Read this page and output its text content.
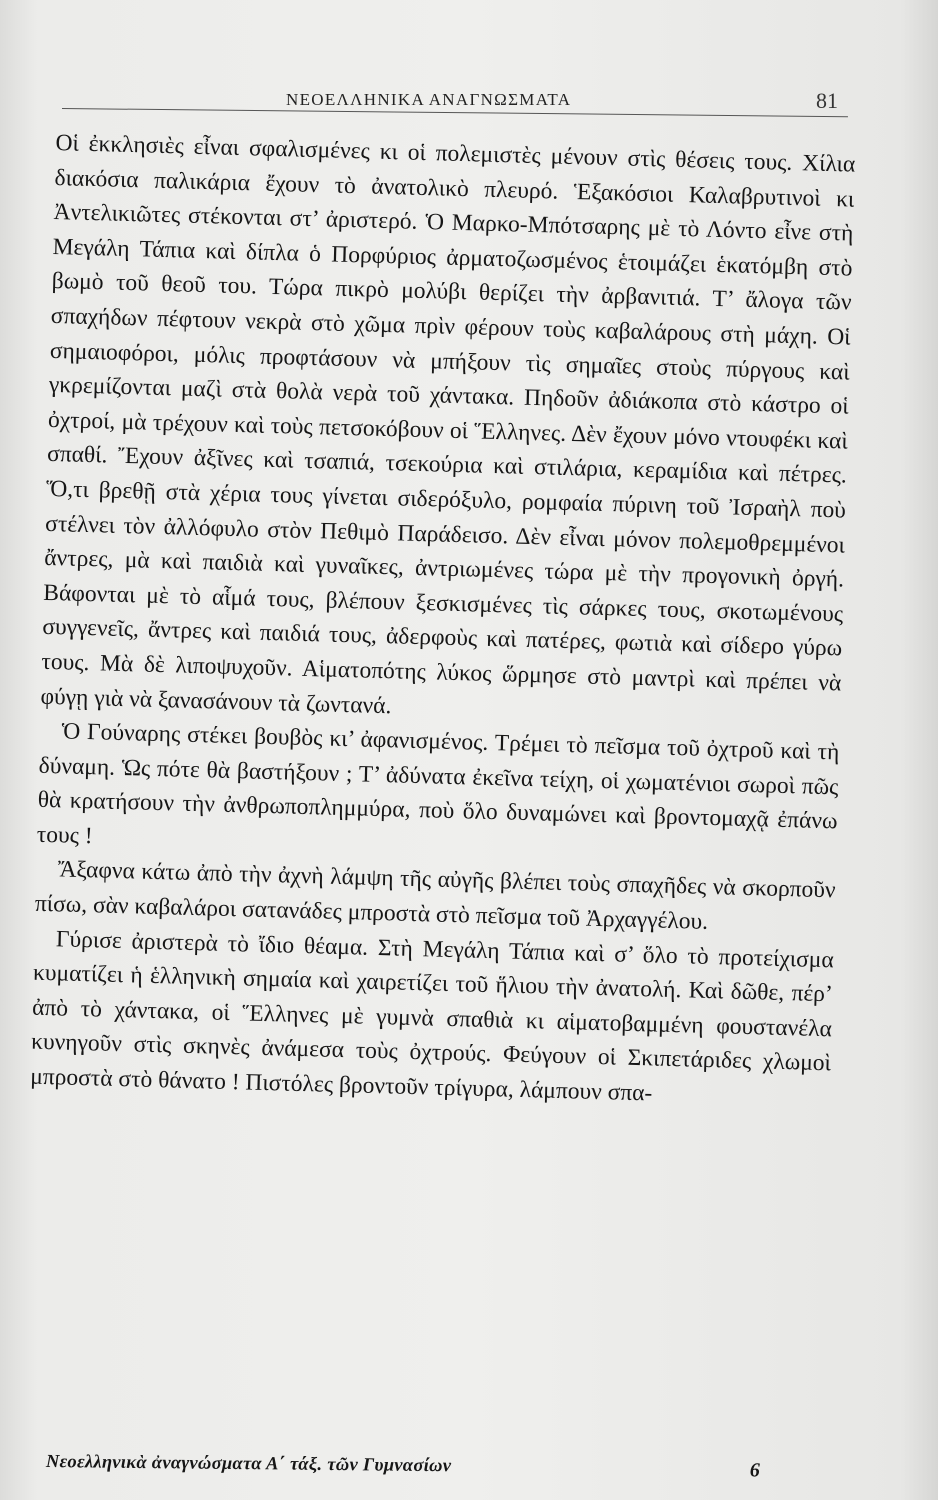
ΝΕΟΕΛΛΗΝΙΚΑ ΑΝΑΓΝΩΣΜΑΤΑ	81

Οἱ ἐκκλησιὲς εἶναι σφαλισμένες κι οἱ πολεμιστὲς μένουν στὶς θέσεις τους. Χίλια διακόσια παλικάρια ἔχουν τὸ ἀνατολικὸ πλευρό. Ἑξακόσιοι Καλαβρυτινοὶ κι Ἀντελικιῶτες στέκονται στ’ ἀριστερό. Ὁ Μαρκο-Μπότσαρης μὲ τὸ Λόντο εἶνε στὴ Μεγάλη Τάπια καὶ δίπλα ὁ Πορφύριος ἀρματοζωσμένος ἑτοιμάζει ἑκατόμβη στὸ βωμὸ τοῦ θεοῦ του. Τώρα πικρὸ μολύβι θερίζει τὴν ἀρβανιτιά. Τ’ ἄλογα τῶν σπαχήδων πέφτουν νεκρὰ στὸ χῶμα πρὶν φέρουν τοὺς καβαλάρους στὴ μάχη. Οἱ σημαιοφόροι, μόλις προφτάσουν νὰ μπήξουν τὶς σημαῖες στοὺς πύργους καὶ γκρεμίζονται μαζὶ στὰ θολὰ νερὰ τοῦ χάντακα. Πηδοῦν ἀδιάκοπα στὸ κάστρο οἱ ὀχτροί, μὰ τρέχουν καὶ τοὺς πετσοκόβουν οἱ Ἕλληνες. Δὲν ἔχουν μόνο ντουφέκι καὶ σπαθί. Ἔχουν ἀξῖνες καὶ τσαπιά, τσεκούρια καὶ στιλάρια, κεραμίδια καὶ πέτρες. Ὅ,τι βρεθῇ στὰ χέρια τους γίνεται σιδερόξυλο, ρομφαία πύρινη τοῦ Ἰσραὴλ ποὺ στέλνει τὸν ἀλλόφυλο στὸν Πεθιμὸ Παράδεισο. Δὲν εἶναι μόνον πολεμοθρεμμένοι ἄντρες, μὰ καὶ παιδιὰ καὶ γυναῖκες, ἀντριωμένες τώρα μὲ τὴν προγονικὴ ὀργή. Βάφονται μὲ τὸ αἷμά τους, βλέπουν ξεσκισμένες τὶς σάρκες τους, σκοτωμένους συγγενεῖς, ἄντρες καὶ παιδιά τους, ἀδερφοὺς καὶ πατέρες, φωτιὰ καὶ σίδερο γύρω τους. Μὰ δὲ λιποψυχοῦν. Αἱματοπότης λύκος ὥρμησε στὸ μαντρὶ καὶ πρέπει νὰ φύγῃ γιὰ νὰ ξανασάνουν τὰ ζωντανά.

Ὁ Γούναρης στέκει βουβὸς κι’ ἀφανισμένος. Τρέμει τὸ πεῖσμα τοῦ ὀχτροῦ καὶ τὴ δύναμη. Ὡς πότε θὰ βαστήξουν ; Τ’ ἀδύνατα ἐκεῖνα τείχη, οἱ χωματένιοι σωροὶ πῶς θὰ κρατήσουν τὴν ἀνθρωποπλημμύρα, ποὺ ὅλο δυναμώνει καὶ βροντομαχᾷ ἐπάνω τους !

Ἄξαφνα κάτω ἀπὸ τὴν ἀχνὴ λάμψη τῆς αὐγῆς βλέπει τοὺς σπαχῆδες νὰ σκορποῦν πίσω, σὰν καβαλάροι σατανάδες μπροστὰ στὸ πεῖσμα τοῦ Ἀρχαγγέλου.

Γύρισε ἀριστερὰ τὸ ἴδιο θέαμα. Στὴ Μεγάλη Τάπια καὶ σ’ ὅλο τὸ προτείχισμα κυματίζει ἡ ἑλληνικὴ σημαία καὶ χαιρετίζει τοῦ ἥλιου τὴν ἀνατολή. Καὶ δῶθε, πέρ’ ἀπὸ τὸ χάντακα, οἱ Ἕλληνες μὲ γυμνὰ σπαθιὰ κι αἱματοβαμμένη φουστανέλα κυνηγοῦν στὶς σκηνὲς ἀνάμεσα τοὺς ὀχτρούς. Φεύγουν οἱ Σκιπετάριδες χλωμοὶ μπροστὰ στὸ θάνατο ! Πιστόλες βροντοῦν τρίγυρα, λάμπουν σπα-

Νεοελληνικὰ ἀναγνώσματα Α΄ τάξ. τῶν Γυμνασίων	6
